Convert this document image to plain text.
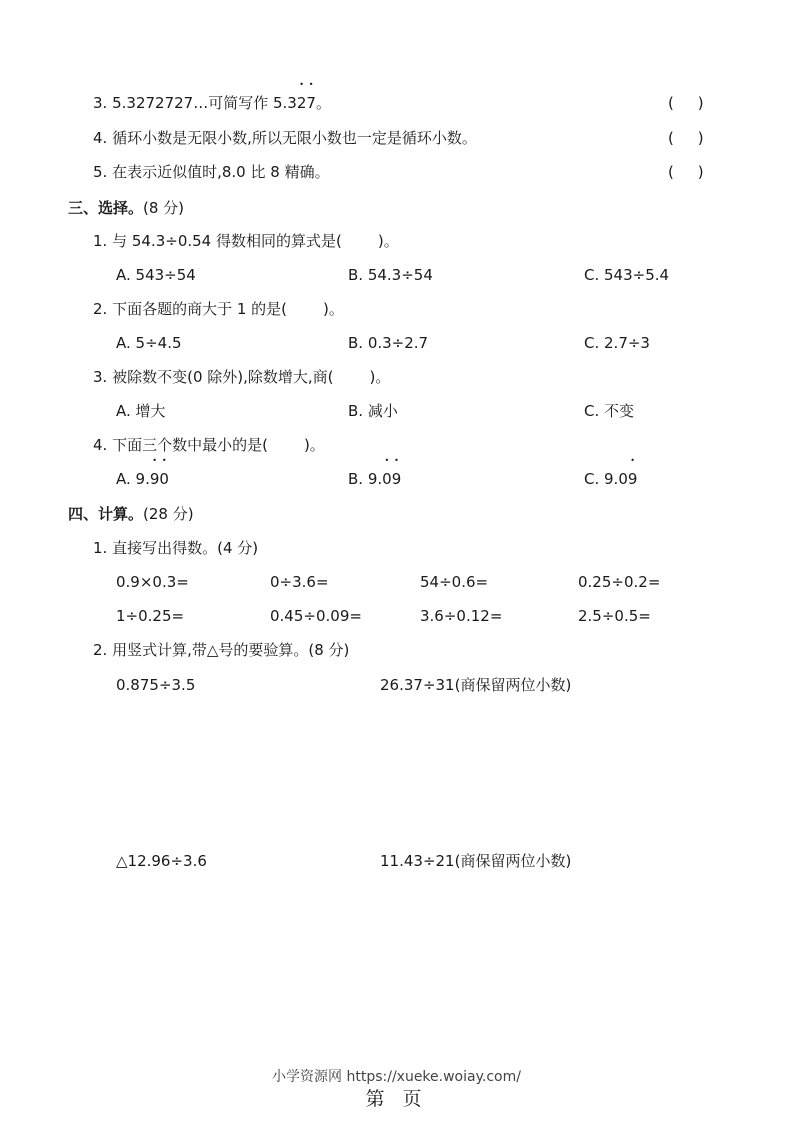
3. 5.3272727…可简写作 5.3• 2• 7。	(     )
4. 循环小数是无限小数,所以无限小数也一定是循环小数。	(     )
5. 在表示近似值时,8.0 比 8 精确。	(     )
三、选择。(8 分)
1. 与 54.3÷0.54 得数相同的算式是( )。
A. 543÷54	B. 54.3÷54	C. 543÷5.4
2. 下面各题的商大于 1 的是( )。
A. 5÷4.5	B. 0.3÷2.7	C. 2.7÷3
3. 被除数不变(0 除外),除数增大,商( )。
A. 增大	B. 减小	C. 不变
4. 下面三个数中最小的是( )。
A. 9.• 9• 0	B. 9.• 0• 9	C. 9.0• 9
四、计算。(28 分)
1. 直接写出得数。(4 分)
0.9×0.3=	0÷3.6=	54÷0.6=	0.25÷0.2=
1÷0.25=	0.45÷0.09=	3.6÷0.12=	2.5÷0.5=
2. 用竖式计算,带△号的要验算。(8 分)
0.875÷3.5	26.37÷31(商保留两位小数)
△12.96÷3.6	11.43÷21(商保留两位小数)
小学资源网 https://xueke.woiay.com/
第 页
